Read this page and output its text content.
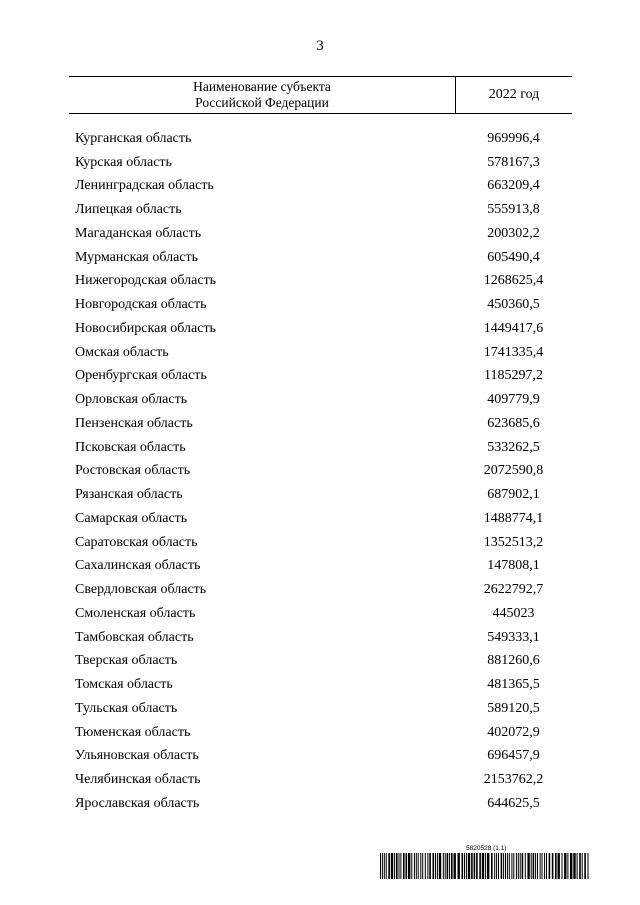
3
Наименование субъекта
Российской Федерации
2022 год
Курганская область	969996,4
Курская область	578167,3
Ленинградская область	663209,4
Липецкая область	555913,8
Магаданская область	200302,2
Мурманская область	605490,4
Нижегородская область	1268625,4
Новгородская область	450360,5
Новосибирская область	1449417,6
Омская область	1741335,4
Оренбургская область	1185297,2
Орловская область	409779,9
Пензенская область	623685,6
Псковская область	533262,5
Ростовская область	2072590,8
Рязанская область	687902,1
Самарская область	1488774,1
Саратовская область	1352513,2
Сахалинская область	147808,1
Свердловская область	2622792,7
Смоленская область	445023
Тамбовская область	549333,1
Тверская область	881260,6
Томская область	481365,5
Тульская область	589120,5
Тюменская область	402072,9
Ульяновская область	696457,9
Челябинская область	2153762,2
Ярославская область	644625,5
5820528 (1.1)
